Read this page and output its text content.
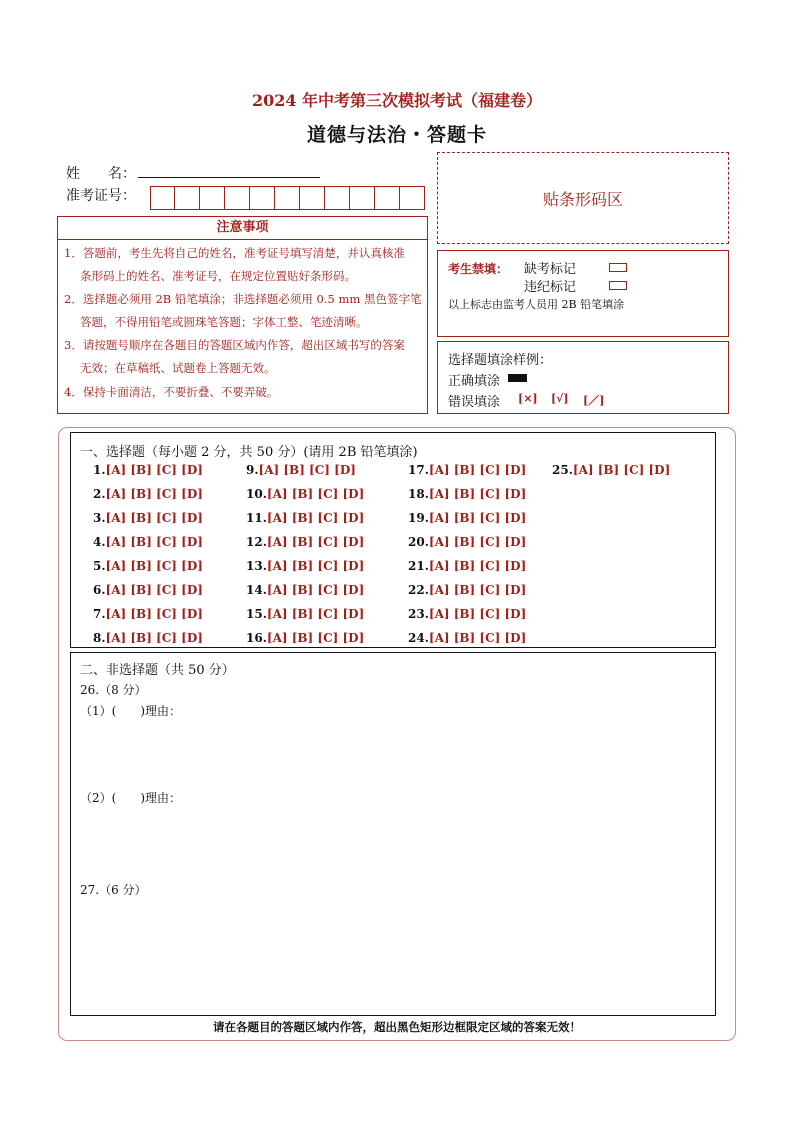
2024 年中考第三次模拟考试（福建卷）
道德与法治・答题卡
姓　　名：
准考证号：	贴条形码区
注意事项
1．答题前，考生先将自己的姓名，准考证号填写清楚，并认真核准
条形码上的姓名、准考证号，在规定位置贴好条形码。
2．选择题必须用 2B 铅笔填涂；非选择题必须用 0.5 mm 黑色签字笔
答题，不得用铅笔或圆珠笔答题；字体工整、笔迹清晰。
3．请按题号顺序在各题目的答题区域内作答，超出区域书写的答案
无效；在草稿纸、试题卷上答题无效。
4．保持卡面清洁，不要折叠、不要弄破。
考生禁填： 缺考标记
违纪标记
以上标志由监考人员用 2B 铅笔填涂
选择题填涂样例：
正确填涂
错误填涂 [×] [√] [／]
一、选择题（每小题 2 分，共 50 分）(请用 2B 铅笔填涂)
1.[A] [B] [C] [D]
2.[A] [B] [C] [D]
3.[A] [B] [C] [D]
4.[A] [B] [C] [D]
5.[A] [B] [C] [D]
6.[A] [B] [C] [D]
7.[A] [B] [C] [D]
8.[A] [B] [C] [D]
9.[A] [B] [C] [D]
10.[A] [B] [C] [D]
11.[A] [B] [C] [D]
12.[A] [B] [C] [D]
13.[A] [B] [C] [D]
14.[A] [B] [C] [D]
15.[A] [B] [C] [D]
16.[A] [B] [C] [D]
17.[A] [B] [C] [D]
18.[A] [B] [C] [D]
19.[A] [B] [C] [D]
20.[A] [B] [C] [D]
21.[A] [B] [C] [D]
22.[A] [B] [C] [D]
23.[A] [B] [C] [D]
24.[A] [B] [C] [D]
25.[A] [B] [C] [D]
二、非选择题（共 50 分）
26.（8 分）
（1）(　　)理由：
（2）(　　)理由：
27.（6 分）
请在各题目的答题区域内作答，超出黑色矩形边框限定区域的答案无效！
